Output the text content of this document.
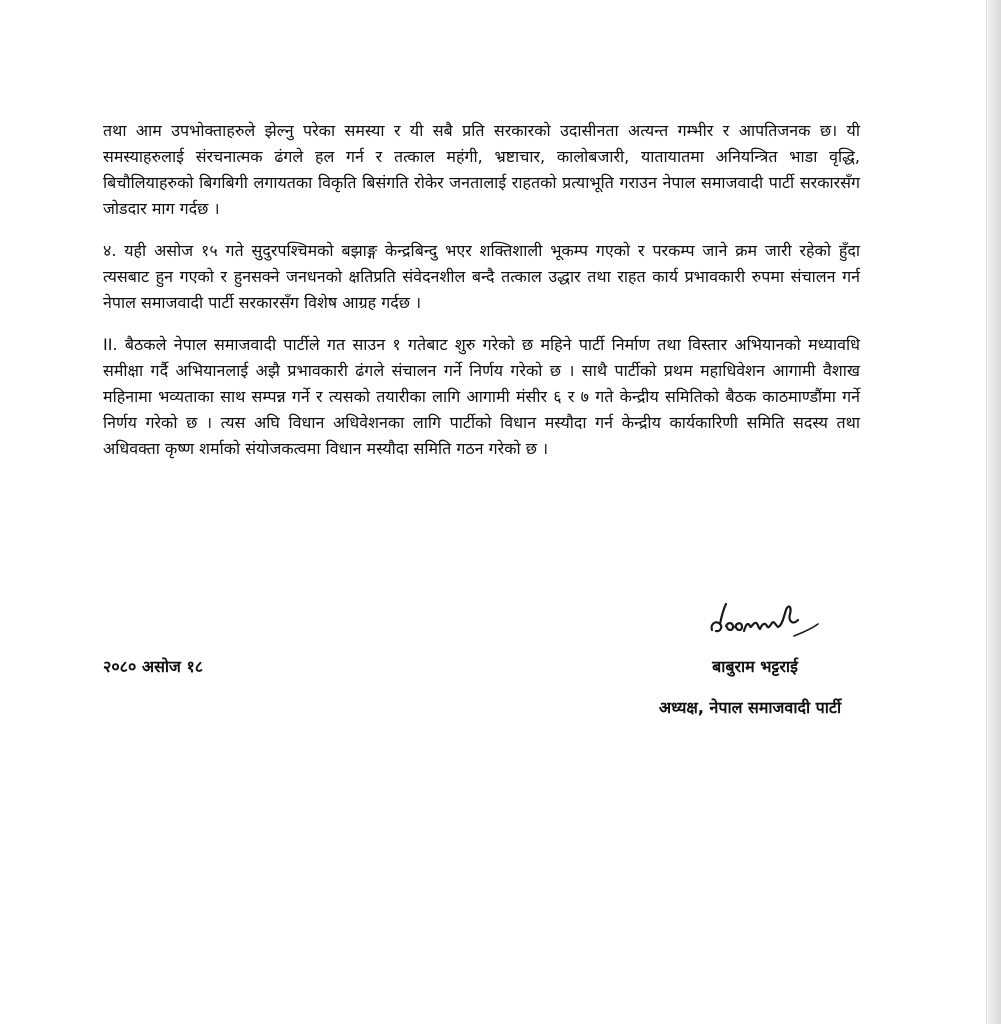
तथा आम उपभोक्ताहरुले झेल्नु परेका समस्या र यी सबै प्रति सरकारको उदासीनता अत्यन्त गम्भीर र आपतिजनक छ। यी समस्याहरुलाई संरचनात्मक ढंगले हल गर्न र तत्काल महंगी, भ्रष्टाचार, कालोबजारी, यातायातमा अनियन्त्रित भाडा वृद्धि, बिचौलियाहरुको बिगबिगी लगायतका विकृति बिसंगति रोकेर जनतालाई राहतको प्रत्याभूति गराउन नेपाल समाजवादी पार्टी सरकारसँग जोडदार माग गर्दछ ।

४. यही असोज १५ गते सुदुरपश्चिमको बझाङ्ग केन्द्रबिन्दु भएर शक्तिशाली भूकम्प गएको र परकम्प जाने क्रम जारी रहेको हुँदा त्यसबाट हुन गएको र हुनसक्ने जनधनको क्षतिप्रति संवेदनशील बन्दै तत्काल उद्धार तथा राहत कार्य प्रभावकारी रुपमा संचालन गर्न नेपाल समाजवादी पार्टी सरकारसँग विशेष आग्रह गर्दछ ।

II. बैठकले नेपाल समाजवादी पार्टीले गत साउन १ गतेबाट शुरु गरेको छ महिने पार्टी निर्माण तथा विस्तार अभियानको मध्यावधि समीक्षा गर्दै अभियानलाई अझै प्रभावकारी ढंगले संचालन गर्ने निर्णय गरेको छ । साथै पार्टीको प्रथम महाधिवेशन आगामी वैशाख महिनामा भव्यताका साथ सम्पन्न गर्ने र त्यसको तयारीका लागि आगामी मंसीर ६ र ७ गते केन्द्रीय समितिको बैठक काठमाण्डौंमा गर्ने निर्णय गरेको छ । त्यस अघि विधान अधिवेशनका लागि पार्टीको विधान मस्यौदा गर्न केन्द्रीय कार्यकारिणी समिति सदस्य तथा अधिवक्ता कृष्ण शर्माको संयोजकत्वमा विधान मस्यौदा समिति गठन गरेको छ ।

२०८० असोज १८	बाबुराम भट्टराई
अध्यक्ष, नेपाल समाजवादी पार्टी
